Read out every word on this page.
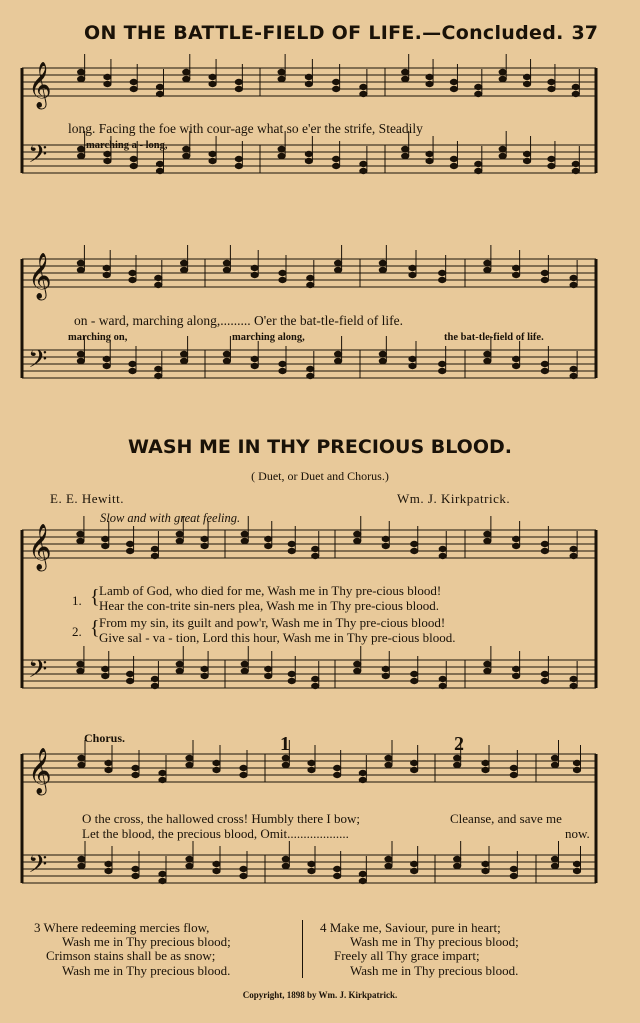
ON THE BATTLE-FIELD OF LIFE.—Concluded. 37
𝄞
𝄢
𝄞
𝄢
𝄞
𝄢
𝄞
𝄢
marching a - long,
long. Facing the foe with cour-age what so e'er the strife, Steadily
on - ward, marching along,......... O'er the bat-tle-field of life.
marching on,	marching along,	the bat-tle-field of life.
WASH ME IN THY PRECIOUS BLOOD.
( Duet, or Duet and Chorus.)
E. E. Hewitt.	Wm. J. Kirkpatrick.
Slow and with great feeling.
1. { Lamb of God, who died for me, Wash me in Thy pre-cious blood!
Hear the con-trite sin-ners plea, Wash me in Thy pre-cious blood.
2. { From my sin, its guilt and pow'r, Wash me in Thy pre-cious blood!
Give sal - va - tion, Lord this hour, Wash me in Thy pre-cious blood.
Chorus.	1	2
O the cross, the hallowed cross! Humbly there I bow;
Let the blood, the precious blood, Omit...................
Cleanse, and save me
now.
3 Where redeeming mercies flow,
Wash me in Thy precious blood;
Crimson stains shall be as snow;
Wash me in Thy precious blood.
4 Make me, Saviour, pure in heart;
Wash me in Thy precious blood;
Freely all Thy grace impart;
Wash me in Thy precious blood.
Copyright, 1898 by Wm. J. Kirkpatrick.
